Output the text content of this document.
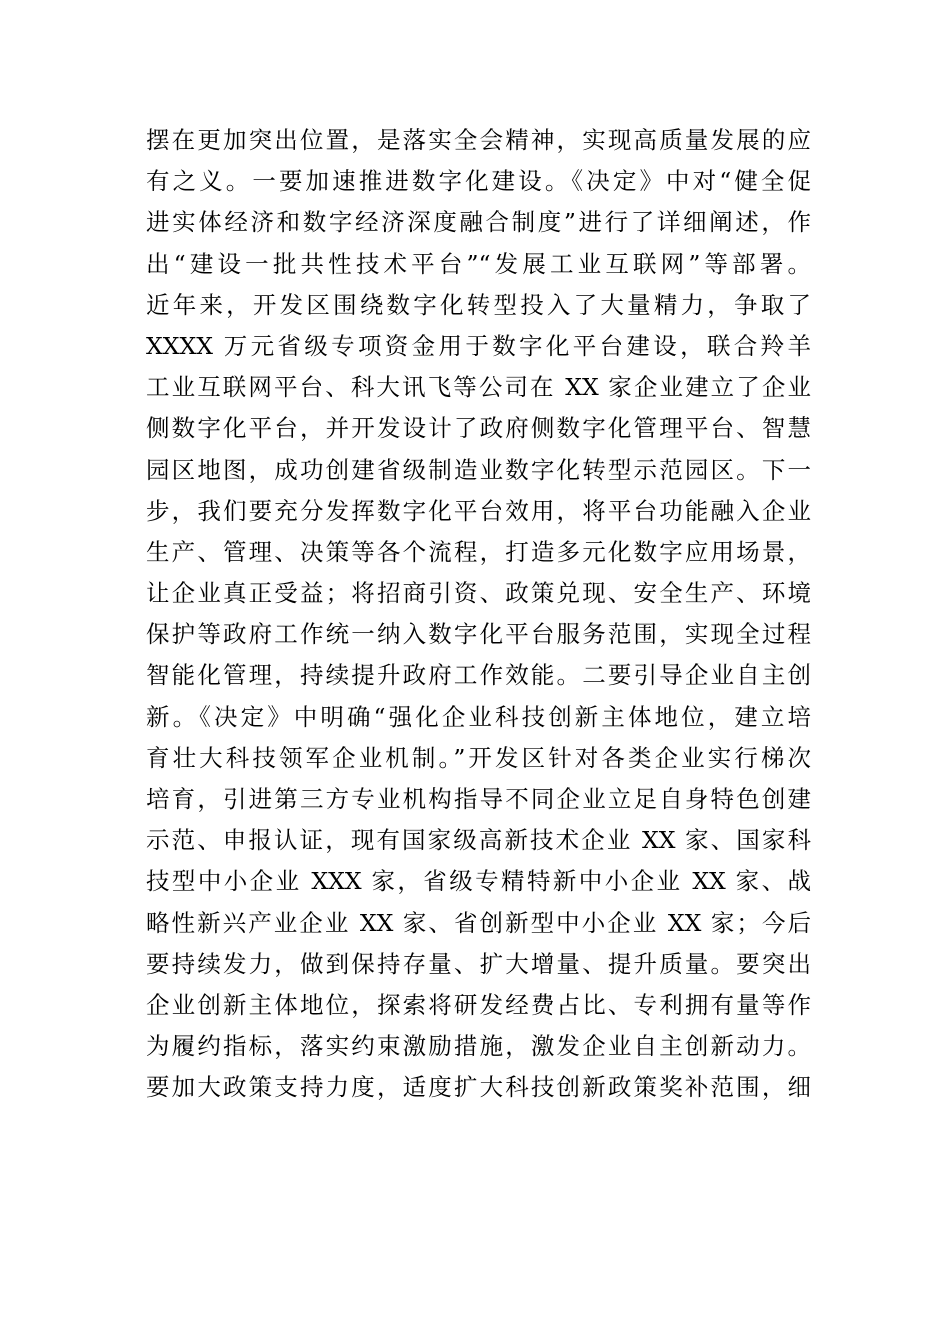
摆在更加突出位置，是落实全会精神，实现高质量发展的应
有之义。一要加速推进数字化建设。《决定》中对“健全促
进实体经济和数字经济深度融合制度”进行了详细阐述，作
出“建设一批共性技术平台”“发展工业互联网”等部署。
近年来，开发区围绕数字化转型投入了大量精力，争取了
XXXX 万元省级专项资金用于数字化平台建设，联合羚羊
工业互联网平台、科大讯飞等公司在 XX 家企业建立了企业
侧数字化平台，并开发设计了政府侧数字化管理平台、智慧
园区地图，成功创建省级制造业数字化转型示范园区。下一
步，我们要充分发挥数字化平台效用，将平台功能融入企业
生产、管理、决策等各个流程，打造多元化数字应用场景，
让企业真正受益；将招商引资、政策兑现、安全生产、环境
保护等政府工作统一纳入数字化平台服务范围，实现全过程
智能化管理，持续提升政府工作效能。二要引导企业自主创
新。《决定》中明确“强化企业科技创新主体地位，建立培
育壮大科技领军企业机制。”开发区针对各类企业实行梯次
培育，引进第三方专业机构指导不同企业立足自身特色创建
示范、申报认证，现有国家级高新技术企业 XX 家、国家科
技型中小企业 XXX 家，省级专精特新中小企业 XX 家、战
略性新兴产业企业 XX 家、省创新型中小企业 XX 家；今后
要持续发力，做到保持存量、扩大增量、提升质量。要突出
企业创新主体地位，探索将研发经费占比、专利拥有量等作
为履约指标，落实约束激励措施，激发企业自主创新动力。
要加大政策支持力度，适度扩大科技创新政策奖补范围，细
